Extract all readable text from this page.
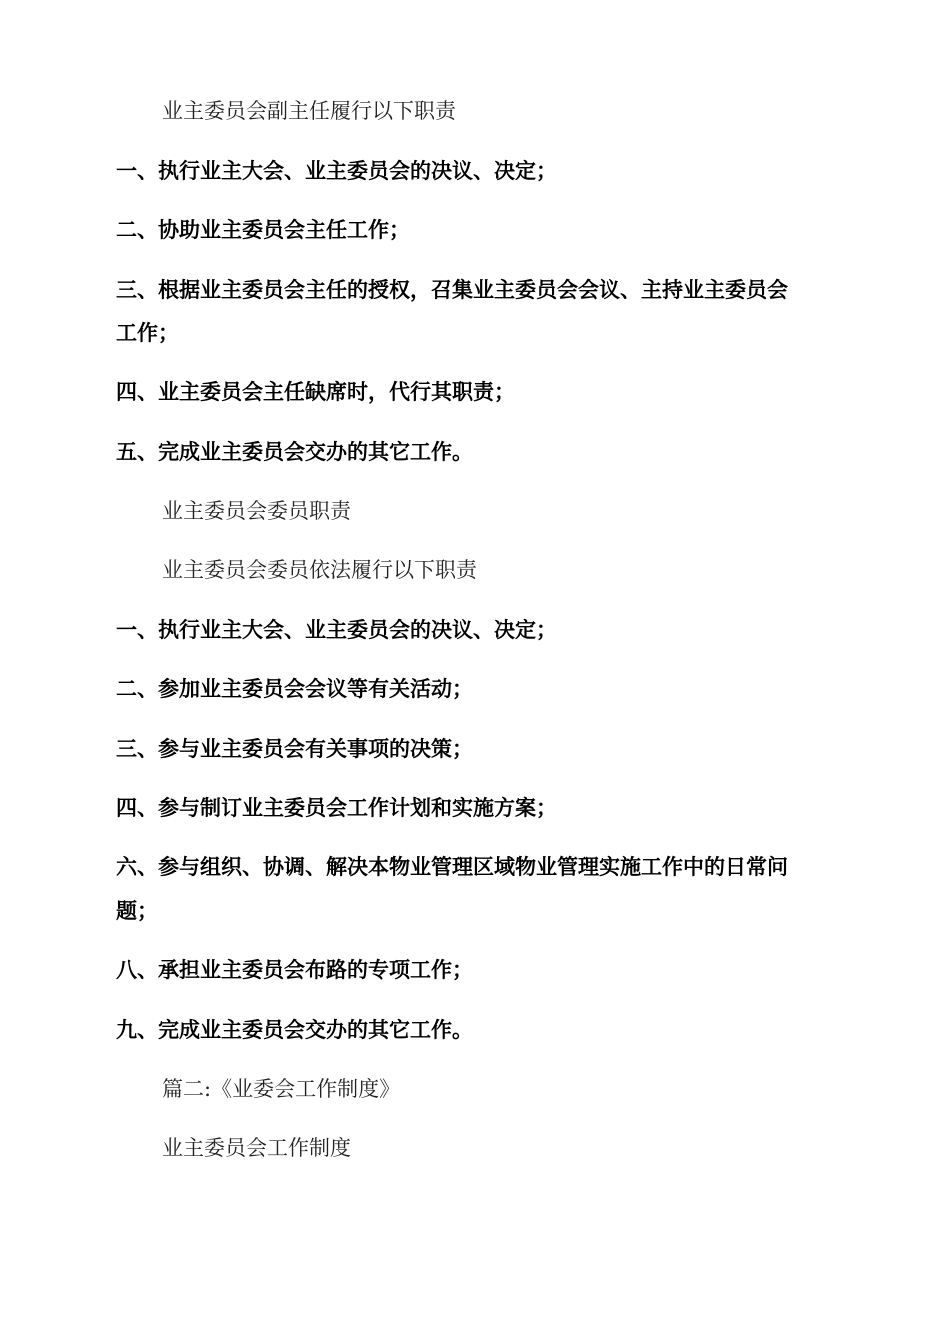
业主委员会副主任履行以下职责
一、执行业主大会、业主委员会的决议、决定；
二、协助业主委员会主任工作；
三、根据业主委员会主任的授权，召集业主委员会会议、主持业主委员会
工作；
四、业主委员会主任缺席时，代行其职责；
五、完成业主委员会交办的其它工作。
业主委员会委员职责
业主委员会委员依法履行以下职责
一、执行业主大会、业主委员会的决议、决定；
二、参加业主委员会会议等有关活动；
三、参与业主委员会有关事项的决策；
四、参与制订业主委员会工作计划和实施方案；
六、参与组织、协调、解决本物业管理区域物业管理实施工作中的日常问
题；
八、承担业主委员会布路的专项工作；
九、完成业主委员会交办的其它工作。
篇二:《业委会工作制度》
业主委员会工作制度
